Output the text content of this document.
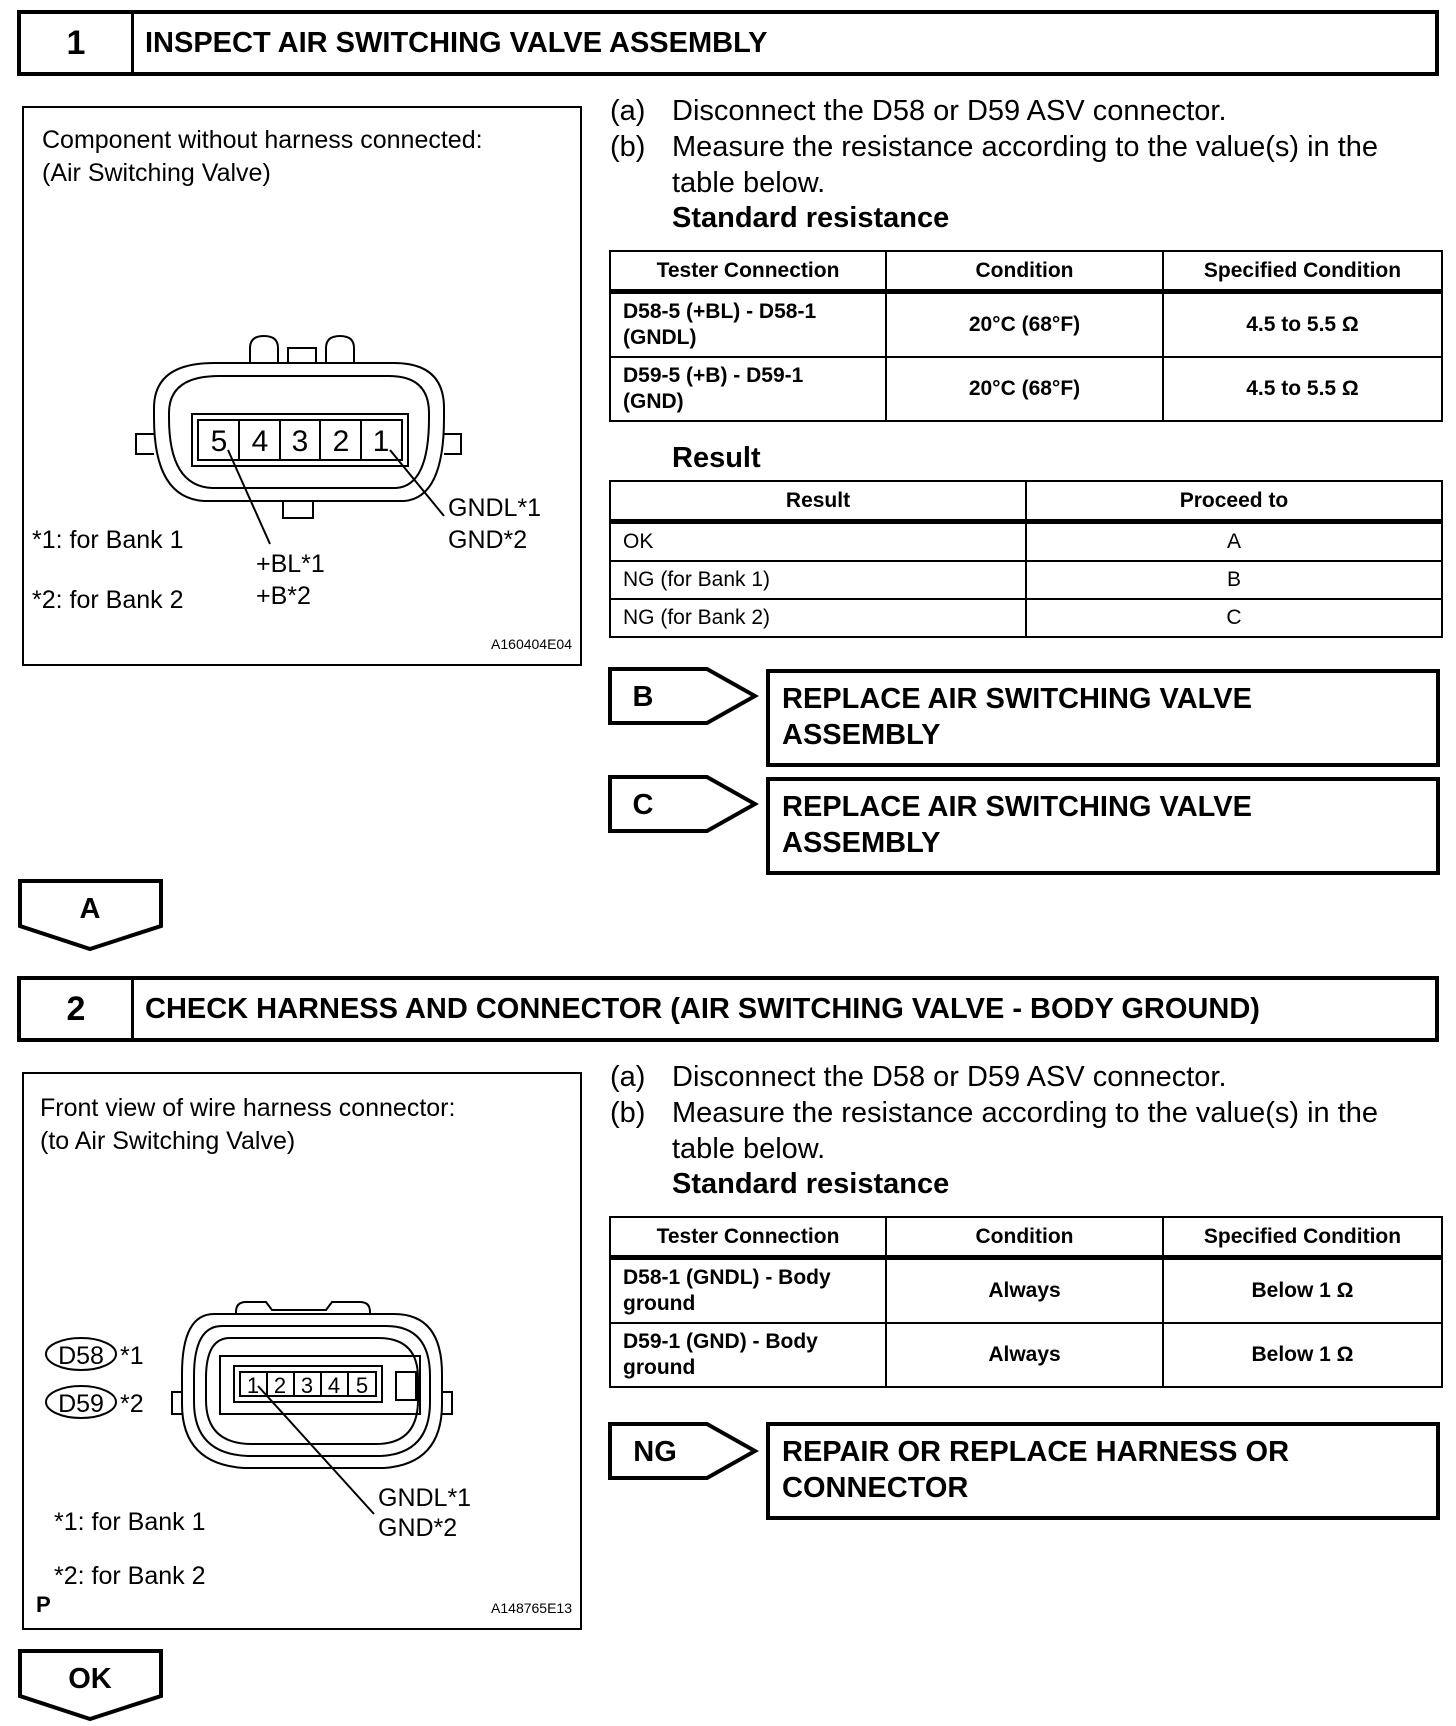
1	INSPECT AIR SWITCHING VALVE ASSEMBLY
Component without harness connected:
(Air Switching Valve)
5 4 3 2 1
GNDL*1
GND*2
+BL*1
+B*2
*1: for Bank 1
*2: for Bank 2
A160404E04
(a) Disconnect the D58 or D59 ASV connector.
(b) Measure the resistance according to the value(s) in the
table below.
Standard resistance
Tester Connection	Condition	Specified Condition
D58-5 (+BL) - D58-1
(GNDL)	20°C (68°F)	4.5 to 5.5 Ω
D59-5 (+B) - D59-1
(GND)	20°C (68°F)	4.5 to 5.5 Ω
Result
Result	Proceed to
OK	A
NG (for Bank 1)	B
NG (for Bank 2)	C
B	REPLACE AIR SWITCHING VALVE
ASSEMBLY
C	REPLACE AIR SWITCHING VALVE
ASSEMBLY
A
2	CHECK HARNESS AND CONNECTOR (AIR SWITCHING VALVE - BODY GROUND)
Front view of wire harness connector:
(to Air Switching Valve)
D58 *1
D59 *2
1 2 3 4 5
GNDL*1
GND*2
*1: for Bank 1
*2: for Bank 2
P	A148765E13
(a) Disconnect the D58 or D59 ASV connector.
(b) Measure the resistance according to the value(s) in the
table below.
Standard resistance
Tester Connection	Condition	Specified Condition
D58-1 (GNDL) - Body
ground	Always	Below 1 Ω
D59-1 (GND) - Body
ground	Always	Below 1 Ω
NG	REPAIR OR REPLACE HARNESS OR
CONNECTOR
OK
